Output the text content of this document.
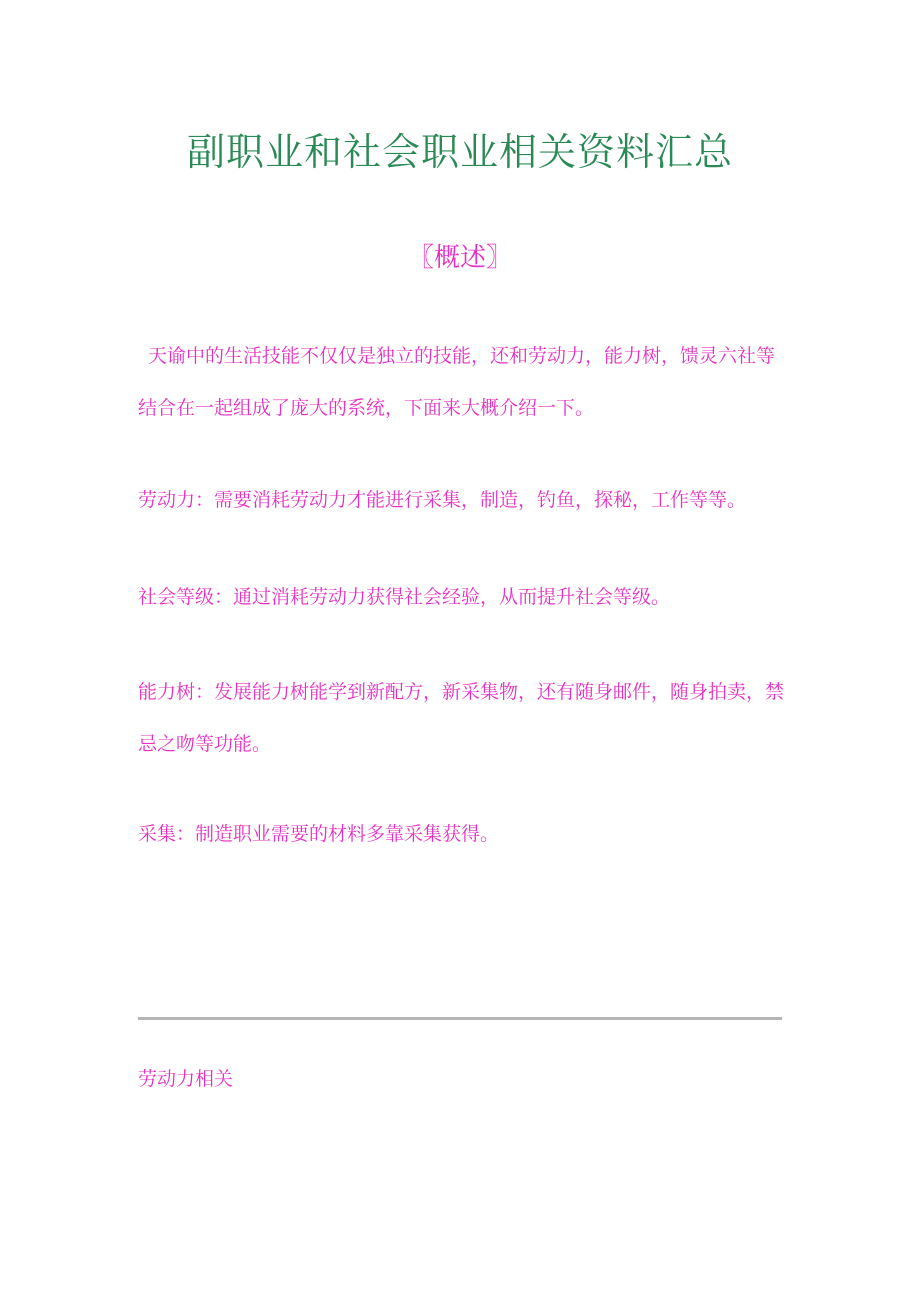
副职业和社会职业相关资料汇总
〖概述〗

天谕中的生活技能不仅仅是独立的技能，还和劳动力，能力树，馈灵六社等结合在一起组成了庞大的系统，下面来大概介绍一下。

劳动力：需要消耗劳动力才能进行采集，制造，钓鱼，探秘，工作等等。

社会等级：通过消耗劳动力获得社会经验，从而提升社会等级。

能力树：发展能力树能学到新配方，新采集物，还有随身邮件，随身拍卖，禁忌之吻等功能。

采集：制造职业需要的材料多靠采集获得。

劳动力相关
